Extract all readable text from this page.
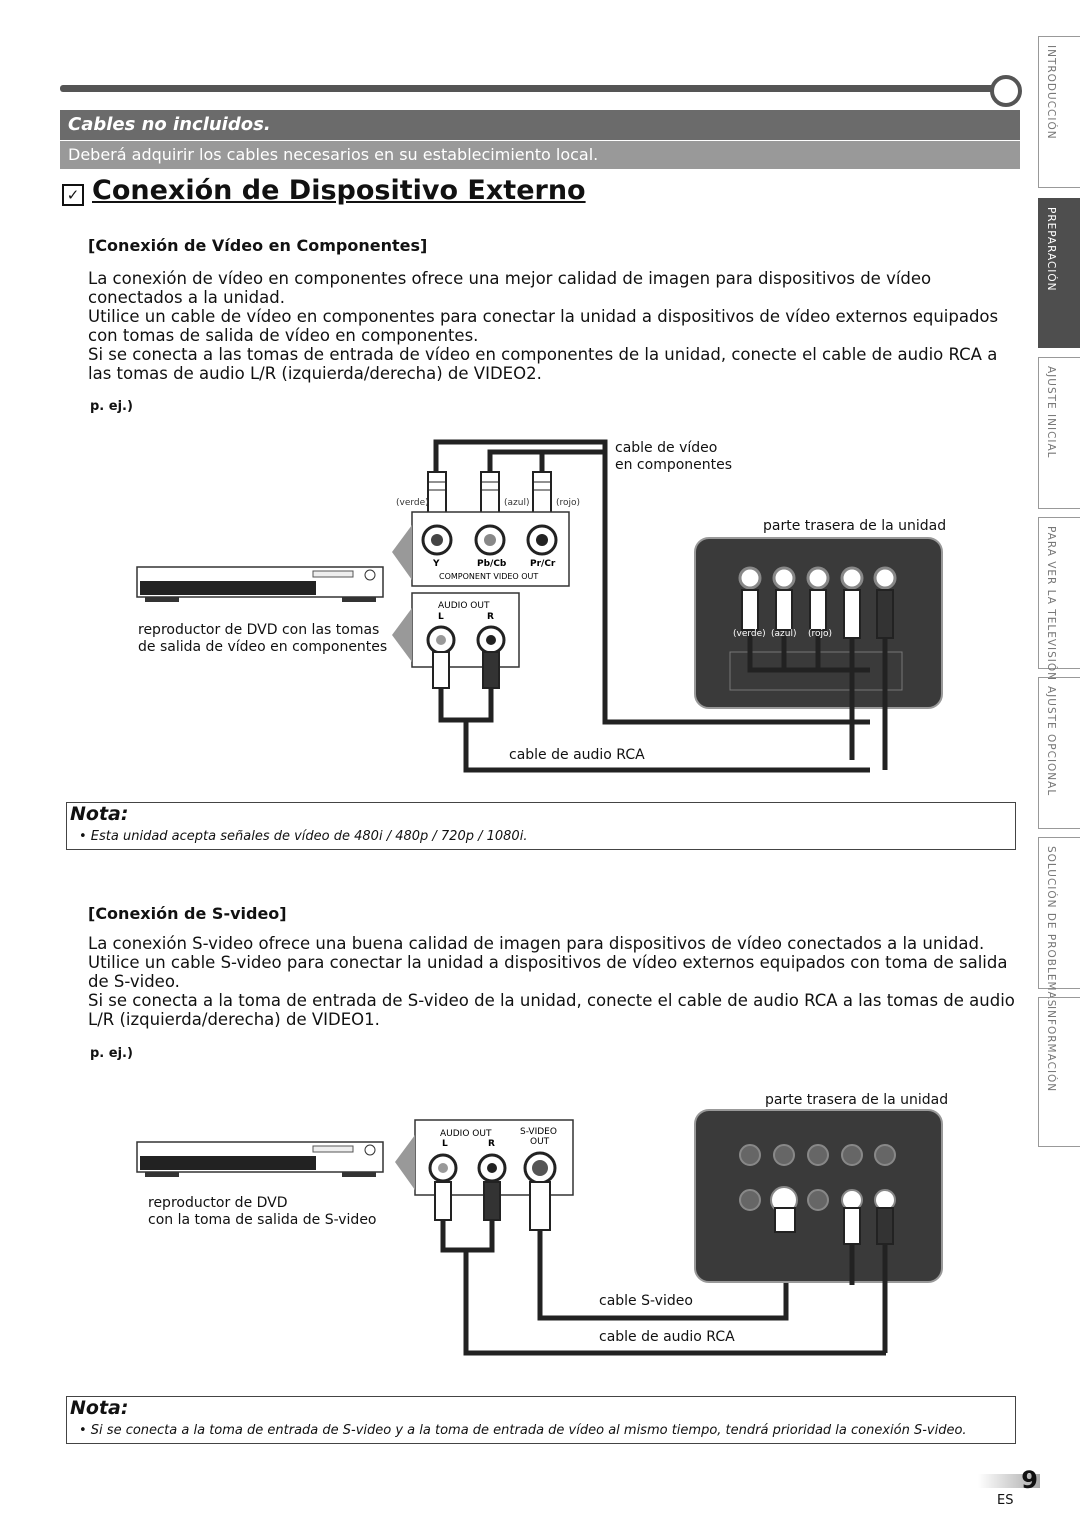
Cables no incluidos.
Deberá adquirir los cables necesarios en su establecimiento local.
✓ Conexión de Dispositivo Externo
[Conexión de Vídeo en Componentes]

La conexión de vídeo en componentes ofrece una mejor calidad de imagen para dispositivos de vídeo conectados a la unidad.

Utilice un cable de vídeo en componentes para conectar la unidad a dispositivos de vídeo externos equipados con tomas de salida de vídeo en componentes.

Si se conecta a las tomas de entrada de vídeo en componentes de la unidad, conecte el cable de audio RCA a las tomas de audio L/R (izquierda/derecha) de VIDEO2.

p. ej.)
(verde)	(azul)	(rojo)
Y	Pb/Cb	Pr/Cr
COMPONENT VIDEO OUT
AUDIO OUT
L	R
(verde) (azul) (rojo)
cable de vídeo
en componentes
parte trasera de la unidad
reproductor de DVD con las tomas
de salida de vídeo en componentes
cable de audio RCA
Nota:
• Esta unidad acepta señales de vídeo de 480i / 480p / 720p / 1080i.
[Conexión de S-video]

La conexión S-video ofrece una buena calidad de imagen para dispositivos de vídeo conectados a la unidad.

Utilice un cable S-video para conectar la unidad a dispositivos de vídeo externos equipados con toma de salida de S-video.

Si se conecta a la toma de entrada de S-video de la unidad, conecte el cable de audio RCA a las tomas de audio L/R (izquierda/derecha) de VIDEO1.

p. ej.)
AUDIO OUT
L	R
S-VIDEO
OUT
parte trasera de la unidad
reproductor de DVD
con la toma de salida de S-video
cable S-video
cable de audio RCA
Nota:
• Si se conecta a la toma de entrada de S-video y a la toma de entrada de vídeo al mismo tiempo, tendrá prioridad la conexión S-video.
INTRODUCCIÓN
PREPARACIÓN
AJUSTE INICIAL
PARA VER LA TELEVISIÓN
AJUSTE OPCIONAL
SOLUCIÓN DE PROBLEMAS
INFORMACIÓN
9
ES
